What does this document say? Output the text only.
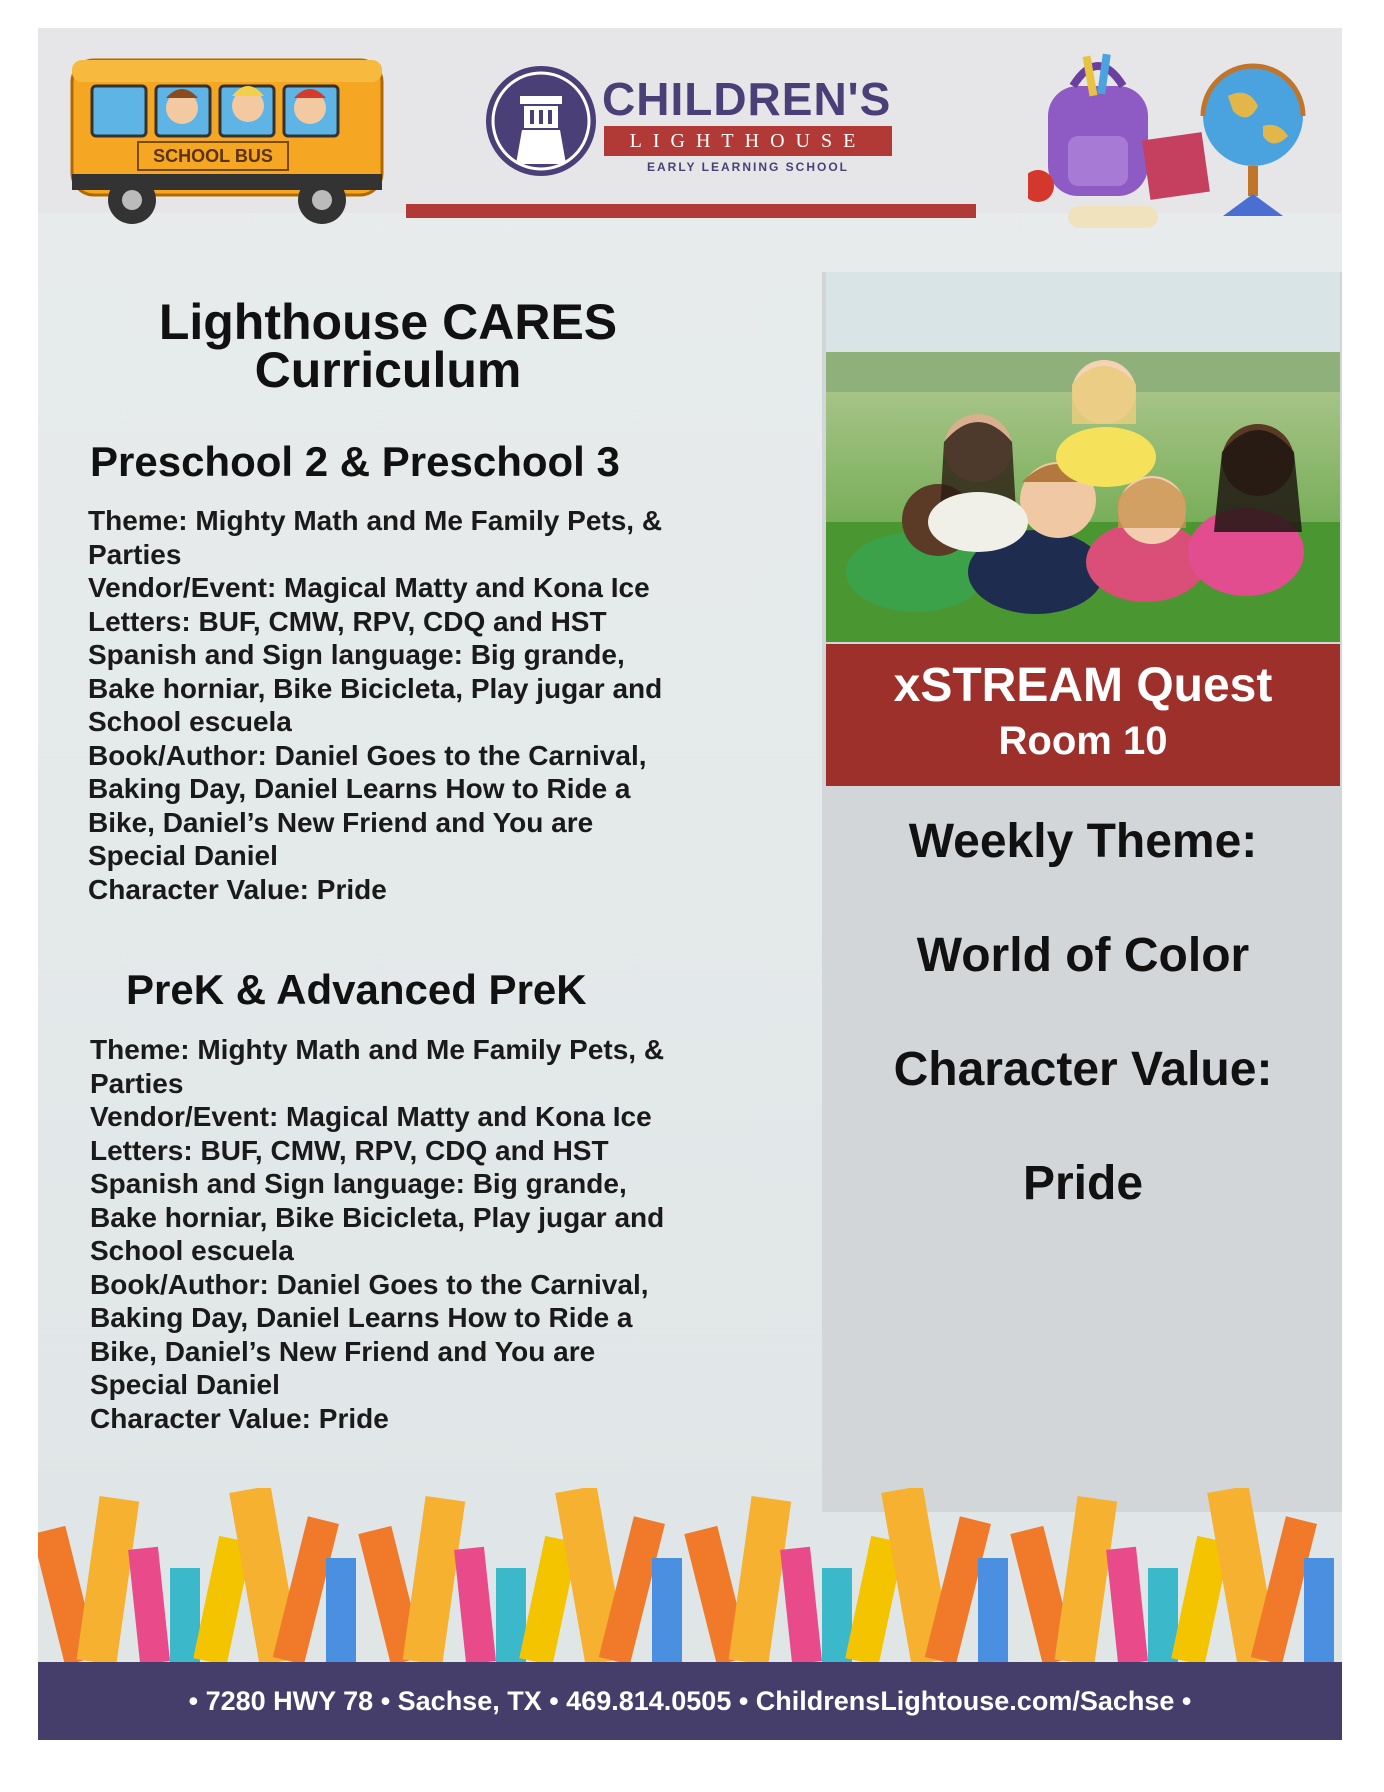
SCHOOL BUS
CHILDREN'S
LIGHTHOUSE
EARLY LEARNING SCHOOL
xSTREAM Quest
Room 10
Weekly Theme:
World of Color
Character Value:
Pride
Lighthouse CARES
Curriculum
Preschool 2 & Preschool 3

Theme: Mighty Math and Me Family Pets, &

Parties

Vendor/Event: Magical Matty and Kona Ice

Letters: BUF, CMW, RPV, CDQ and HST

Spanish and Sign language: Big grande,

Bake horniar, Bike Bicicleta, Play jugar and

School escuela

Book/Author: Daniel Goes to the Carnival,

Baking Day, Daniel Learns How to Ride a

Bike, Daniel’s New Friend and You are

Special Daniel

Character Value: Pride

PreK & Advanced PreK

Theme: Mighty Math and Me Family Pets, &

Parties

Vendor/Event: Magical Matty and Kona Ice

Letters: BUF, CMW, RPV, CDQ and HST

Spanish and Sign language: Big grande,

Bake horniar, Bike Bicicleta, Play jugar and

School escuela

Book/Author: Daniel Goes to the Carnival,

Baking Day, Daniel Learns How to Ride a

Bike, Daniel’s New Friend and You are

Special Daniel

Character Value: Pride

• 7280 HWY 78 • Sachse, TX • 469.814.0505 • ChildrensLightouse.com/Sachse •
